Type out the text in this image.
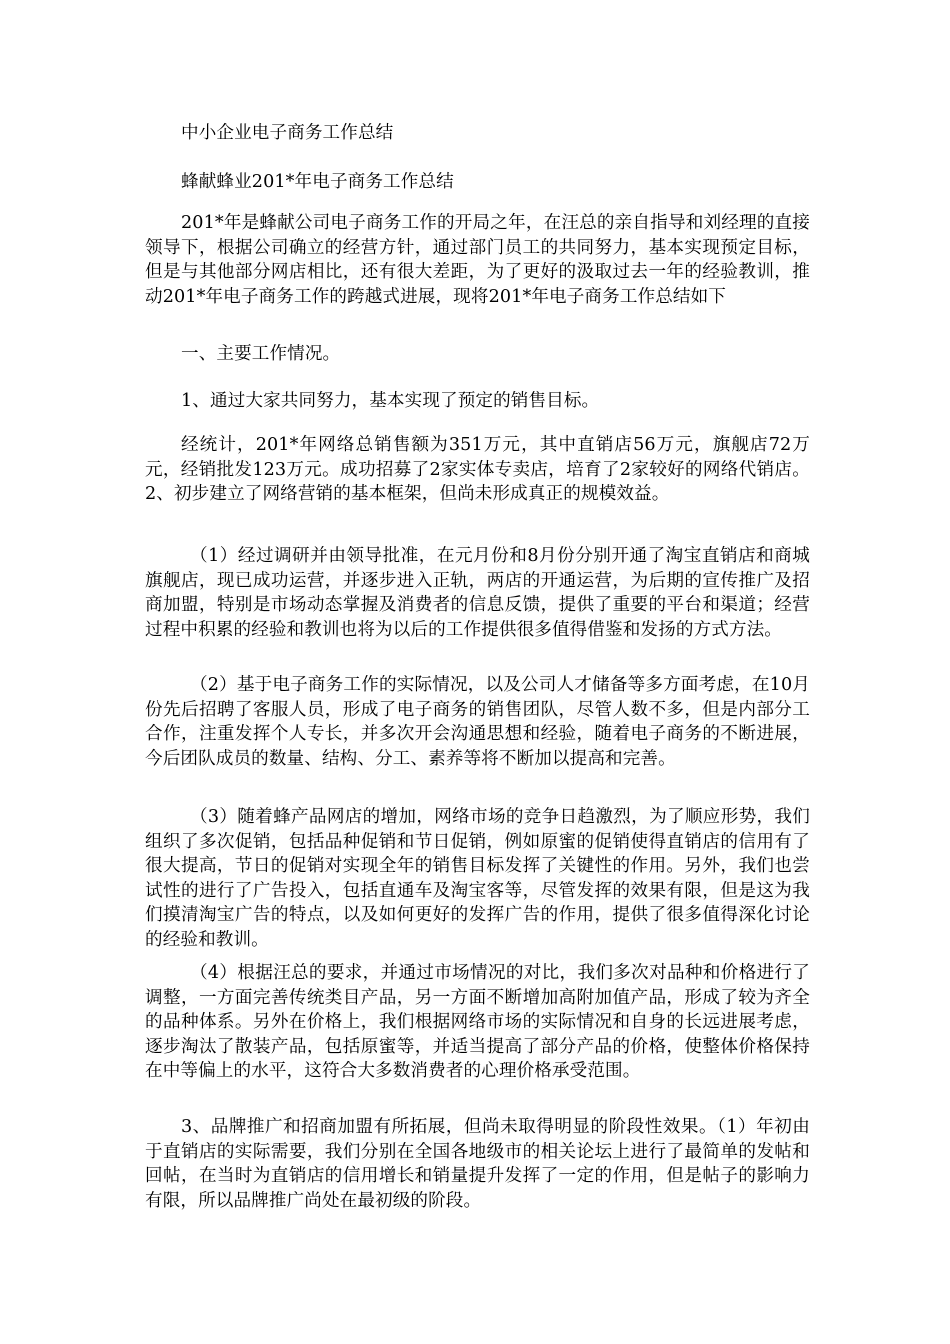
中小企业电子商务工作总结

蜂献蜂业201*年电子商务工作总结

201*年是蜂献公司电子商务工作的开局之年，在汪总的亲自指导和刘经理的直接领导下，根据公司确立的经营方针，通过部门员工的共同努力，基本实现预定目标，但是与其他部分网店相比，还有很大差距，为了更好的汲取过去一年的经验教训，推动201*年电子商务工作的跨越式进展，现将201*年电子商务工作总结如下

一、主要工作情况。

1、通过大家共同努力，基本实现了预定的销售目标。

经统计，201*年网络总销售额为351万元，其中直销店56万元，旗舰店72万元，经销批发123万元。成功招募了2家实体专卖店，培育了2家较好的网络代销店。2、初步建立了网络营销的基本框架，但尚未形成真正的规模效益。

（1）经过调研并由领导批准，在元月份和8月份分别开通了淘宝直销店和商城旗舰店，现已成功运营，并逐步进入正轨，两店的开通运营，为后期的宣传推广及招商加盟，特别是市场动态掌握及消费者的信息反馈，提供了重要的平台和渠道；经营过程中积累的经验和教训也将为以后的工作提供很多值得借鉴和发扬的方式方法。

（2）基于电子商务工作的实际情况，以及公司人才储备等多方面考虑，在10月份先后招聘了客服人员，形成了电子商务的销售团队，尽管人数不多，但是内部分工合作，注重发挥个人专长，并多次开会沟通思想和经验，随着电子商务的不断进展，今后团队成员的数量、结构、分工、素养等将不断加以提高和完善。

（3）随着蜂产品网店的增加，网络市场的竞争日趋激烈，为了顺应形势，我们组织了多次促销，包括品种促销和节日促销，例如原蜜的促销使得直销店的信用有了很大提高，节日的促销对实现全年的销售目标发挥了关键性的作用。另外，我们也尝试性的进行了广告投入，包括直通车及淘宝客等，尽管发挥的效果有限，但是这为我们摸清淘宝广告的特点，以及如何更好的发挥广告的作用，提供了很多值得深化讨论的经验和教训。

（4）根据汪总的要求，并通过市场情况的对比，我们多次对品种和价格进行了调整，一方面完善传统类目产品，另一方面不断增加高附加值产品，形成了较为齐全的品种体系。另外在价格上，我们根据网络市场的实际情况和自身的长远进展考虑，逐步淘汰了散装产品，包括原蜜等，并适当提高了部分产品的价格，使整体价格保持在中等偏上的水平，这符合大多数消费者的心理价格承受范围。

3、品牌推广和招商加盟有所拓展，但尚未取得明显的阶段性效果。（1）年初由于直销店的实际需要，我们分别在全国各地级市的相关论坛上进行了最简单的发帖和回帖，在当时为直销店的信用增长和销量提升发挥了一定的作用，但是帖子的影响力有限，所以品牌推广尚处在最初级的阶段。
